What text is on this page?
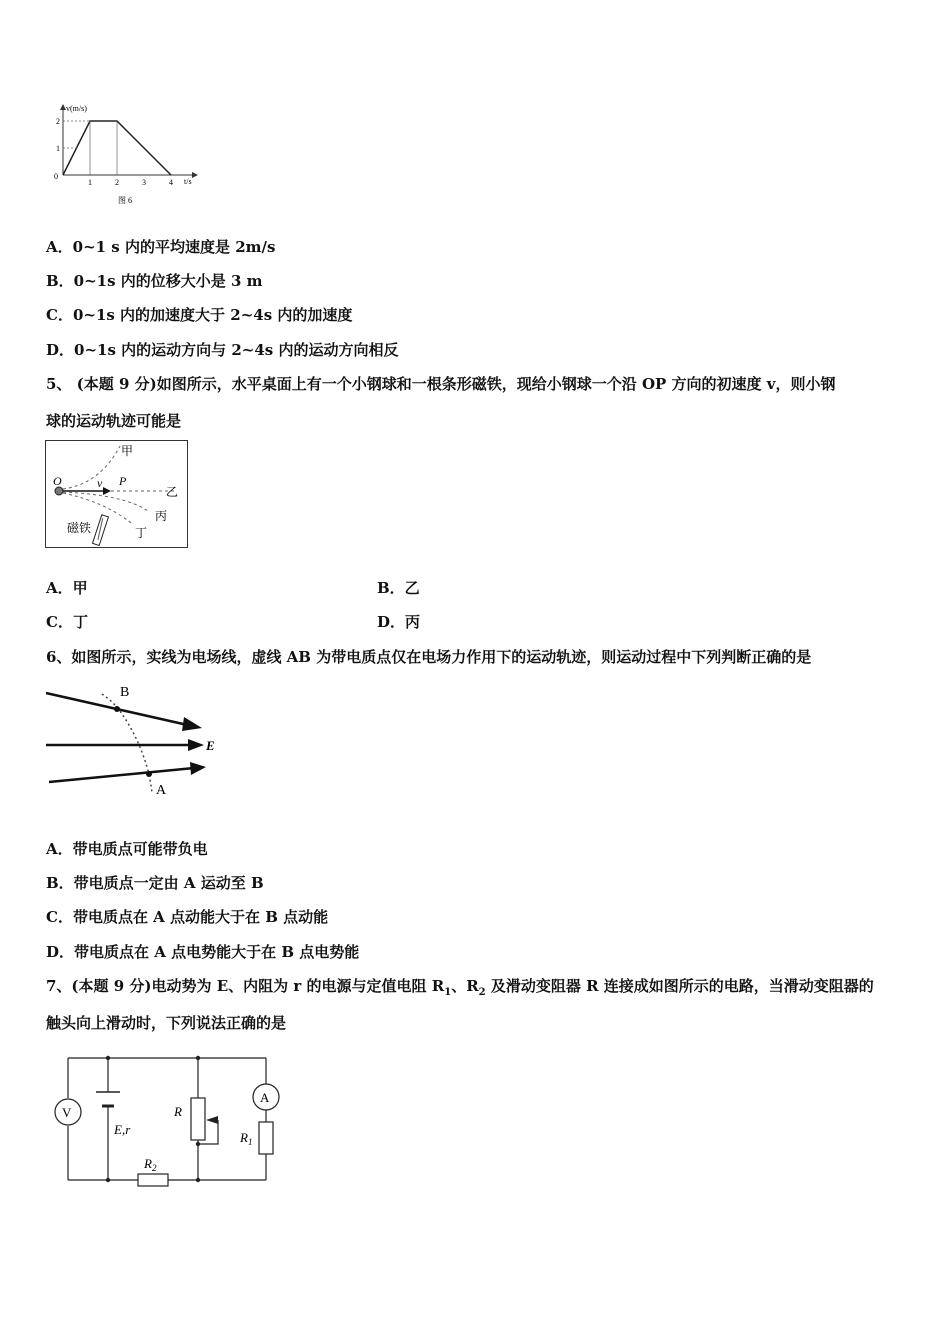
v(m/s)
2
1
0
1	2	3	4 t/s
图 6
A．0~1 s 内的平均速度是 2m/s
B．0~1s 内的位移大小是 3 m
C．0~1s 内的加速度大于 2~4s 内的加速度
D．0~1s 内的运动方向与 2~4s 内的运动方向相反
5、 (本题 9 分)如图所示，水平桌面上有一个小钢球和一根条形磁铁，现给小钢球一个沿 OP 方向的初速度 v，则小钢
球的运动轨迹可能是
O	v P
甲
乙
丙
丁
磁铁
A．甲	B．乙
C．丁	D．丙
6、如图所示，实线为电场线，虚线 AB 为带电质点仅在电场力作用下的运动轨迹，则运动过程中下列判断正确的是
B
A
E
A．带电质点可能带负电
B．带电质点一定由 A 运动至 B
C．带电质点在 A 点动能大于在 B 点动能
D．带电质点在 A 点电势能大于在 B 点电势能
7、(本题 9 分)电动势为 E、内阻为 r 的电源与定值电阻 $R_1$、$R_2$ 及滑动变阻器 R 连接成如图所示的电路，当滑动变阻器的
触头向上滑动时，下列说法正确的是
V
A
E,r
R
$R_1$
$R_2$
